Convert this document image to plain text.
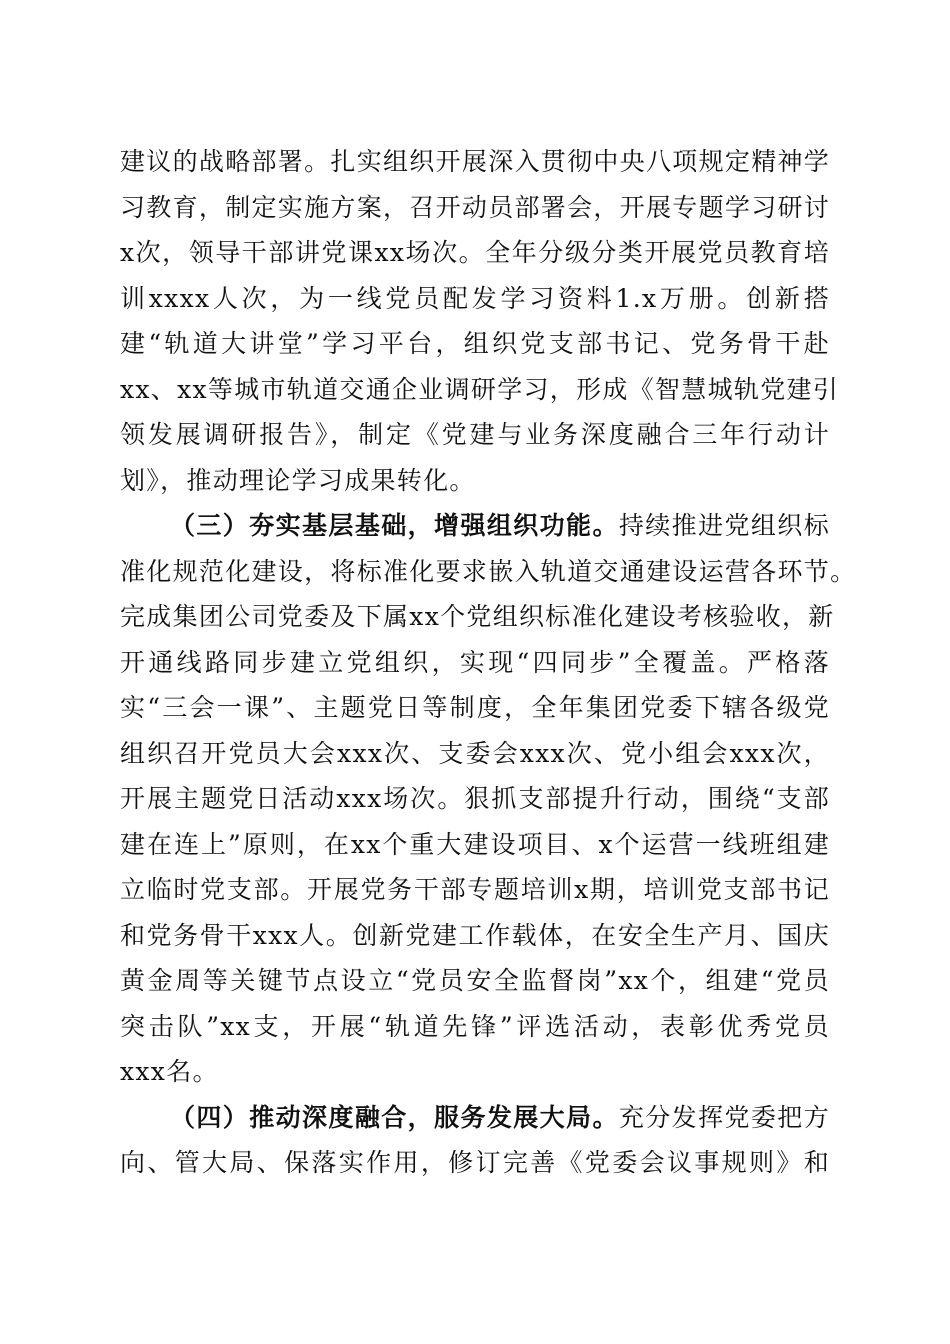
建议的战略部署。扎实组织开展深入贯彻中央八项规定精神学
习教育，制定实施方案，召开动员部署会，开展专题学习研讨
x次，领导干部讲党课xx场次。全年分级分类开展党员教育培
训xxxx人次，为一线党员配发学习资料1.x万册。创新搭
建“轨道大讲堂”学习平台，组织党支部书记、党务骨干赴
xx、xx等城市轨道交通企业调研学习，形成《智慧城轨党建引
领发展调研报告》，制定《党建与业务深度融合三年行动计
划》，推动理论学习成果转化。
（三）夯实基层基础，增强组织功能。持续推进党组织标
准化规范化建设，将标准化要求嵌入轨道交通建设运营各环节。
完成集团公司党委及下属xx个党组织标准化建设考核验收，新
开通线路同步建立党组织，实现“四同步”全覆盖。严格落
实“三会一课”、主题党日等制度，全年集团党委下辖各级党
组织召开党员大会xxx次、支委会xxx次、党小组会xxx次，
开展主题党日活动xxx场次。狠抓支部提升行动，围绕“支部
建在连上”原则，在xx个重大建设项目、x个运营一线班组建
立临时党支部。开展党务干部专题培训x期，培训党支部书记
和党务骨干xxx人。创新党建工作载体，在安全生产月、国庆
黄金周等关键节点设立“党员安全监督岗”xx个，组建“党员
突击队”xx支，开展“轨道先锋”评选活动，表彰优秀党员
xxx名。
（四）推动深度融合，服务发展大局。充分发挥党委把方
向、管大局、保落实作用，修订完善《党委会议事规则》和
